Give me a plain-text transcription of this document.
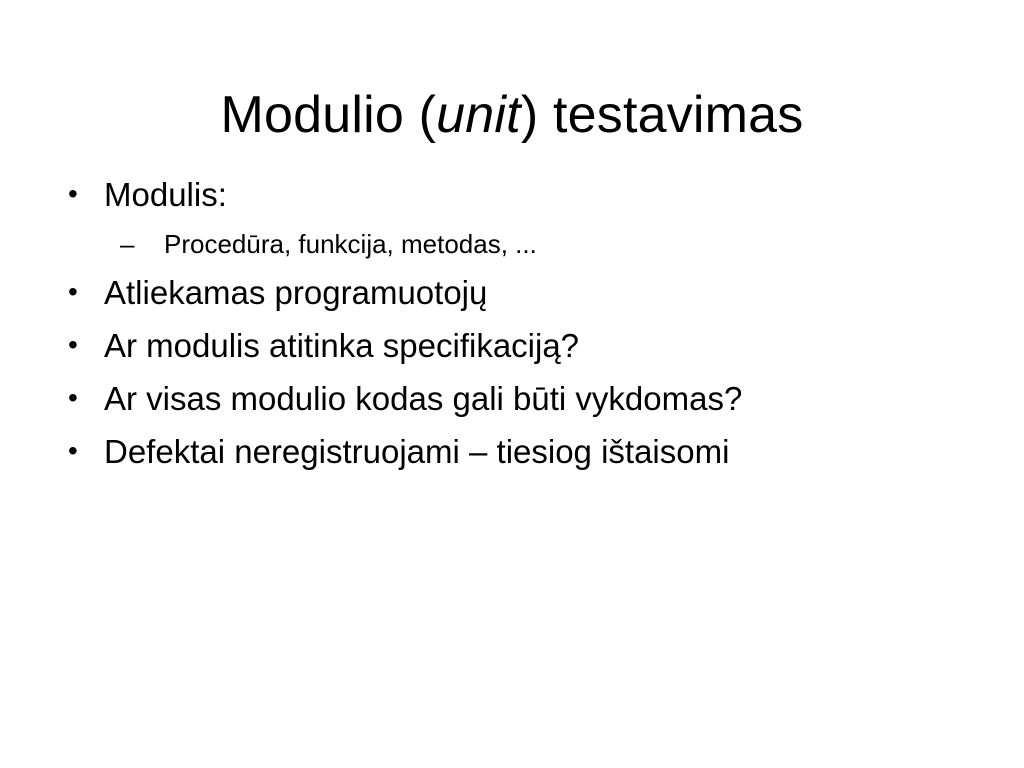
Modulio (unit) testavimas
• Modulis:
– Procedūra, funkcija, metodas, ...
• Atliekamas programuotojų
• Ar modulis atitinka specifikaciją?
• Ar visas modulio kodas gali būti vykdomas?
• Defektai neregistruojami – tiesiog ištaisomi
